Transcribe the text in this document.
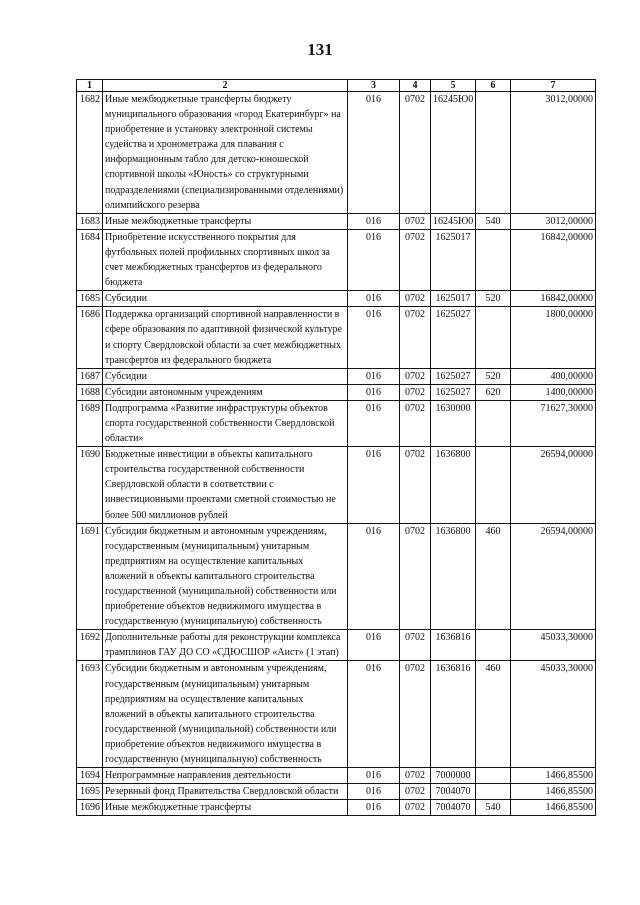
131
1	2	3	4	5	6	7
1682	Иные межбюджетные трансферты бюджету муниципального образования «город Екатеринбург» на приобретение и установку электронной системы судейства и хронометража для плавания с информационным табло для детско-юношеской спортивной школы «Юность» со структурными подразделениями (специализированными отделениями) олимпийского резерва	016	0702	16245Ю0		3012,00000
1683	Иные межбюджетные трансферты	016	0702	16245Ю0	540	3012,00000
1684	Приобретение искусственного покрытия для футбольных полей профильных спортивных школ за счет межбюджетных трансфертов из федерального бюджета	016	0702	1625017		16842,00000
1685	Субсидии	016	0702	1625017	520	16842,00000
1686	Поддержка организаций спортивной направленности в сфере образования по адаптивной физической культуре и спорту Свердловской области за счет межбюджетных трансфертов из федерального бюджета	016	0702	1625027		1800,00000
1687	Субсидии	016	0702	1625027	520	400,00000
1688	Субсидии автономным учреждениям	016	0702	1625027	620	1400,00000
1689	Подпрограмма «Развитие инфраструктуры объектов спорта государственной собственности Свердловской области»	016	0702	1630000		71627,30000
1690	Бюджетные инвестиции в объекты капитального строительства государственной собственности Свердловской области в соответствии с инвестиционными проектами сметной стоимостью не более 500 миллионов рублей	016	0702	1636800		26594,00000
1691	Субсидии бюджетным и автономным учреждениям, государственным (муниципальным) унитарным предприятиям на осуществление капитальных вложений в объекты капитального строительства государственной (муниципальной) собственности или приобретение объектов недвижимого имущества в государственную (муниципальную) собственность	016	0702	1636800	460	26594,00000
1692	Дополнительные работы для реконструкции комплекса трамплинов ГАУ ДО СО «СДЮСШОР «Аист» (1 этап)	016	0702	1636816		45033,30000
1693	Субсидии бюджетным и автономным учреждениям, государственным (муниципальным) унитарным предприятиям на осуществление капитальных вложений в объекты капитального строительства государственной (муниципальной) собственности или приобретение объектов недвижимого имущества в государственную (муниципальную) собственность	016	0702	1636816	460	45033,30000
1694	Непрограммные направления деятельности	016	0702	7000000		1466,85500
1695	Резервный фонд Правительства Свердловской области	016	0702	7004070		1466,85500
1696	Иные межбюджетные трансферты	016	0702	7004070	540	1466,85500
